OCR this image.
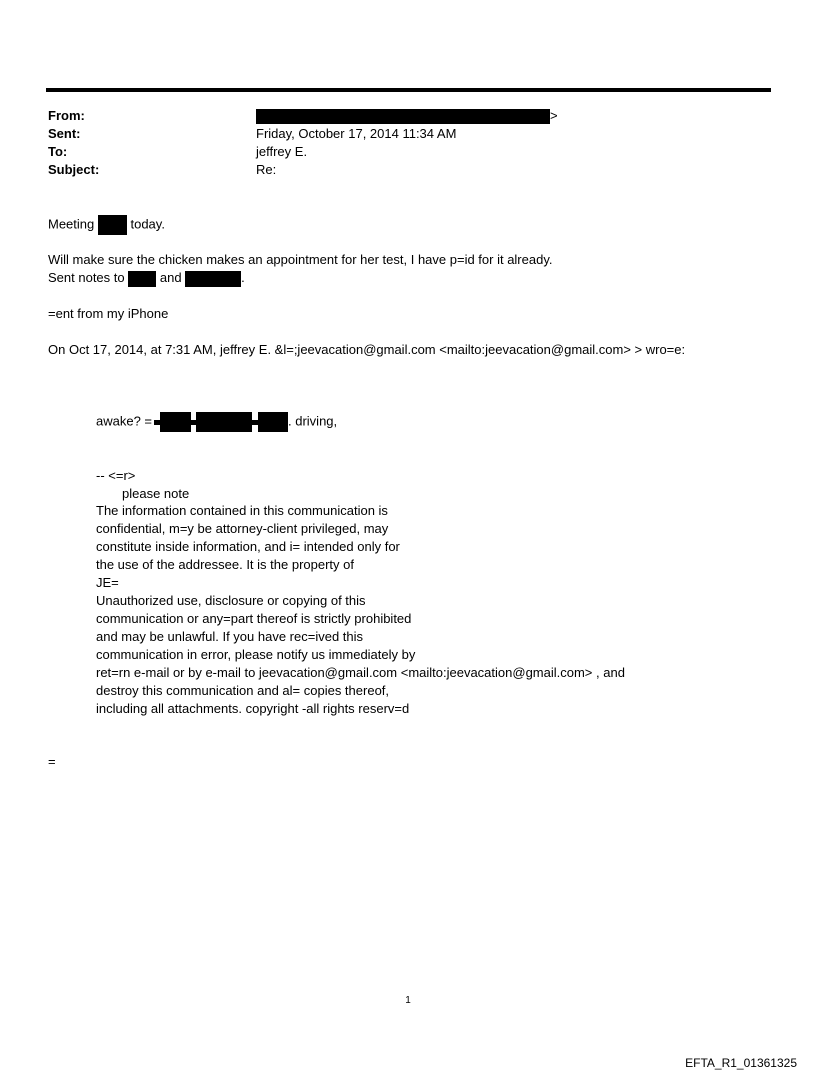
From:	>
Sent:	Friday, October 17, 2014 11:34 AM
To:	jeffrey E.
Subject:	Re:
Meeting	today.
Will make sure the chicken makes an appointment for her test, I have p=id for it already.
Sent notes to  and	.
=ent from my iPhone
On Oct 17, 2014, at 7:31 AM, jeffrey E. &l=;jeevacation@gmail.com <mailto:jeevacation@gmail.com> > wro=e:
awake? =	. driving,
-- <=r>
please note
The information contained in this communication is
confidential, m=y be attorney-client privileged, may
constitute inside information, and i= intended only for
the use of the addressee. It is the property of
JE=
Unauthorized use, disclosure or copying of this
communication or any=part thereof is strictly prohibited
and may be unlawful. If you have rec=ived this
communication in error, please notify us immediately by
ret=rn e-mail or by e-mail to jeevacation@gmail.com <mailto:jeevacation@gmail.com> , and
destroy this communication and al= copies thereof,
including all attachments. copyright -all rights reserv=d
=
1
EFTA_R1_01361325
